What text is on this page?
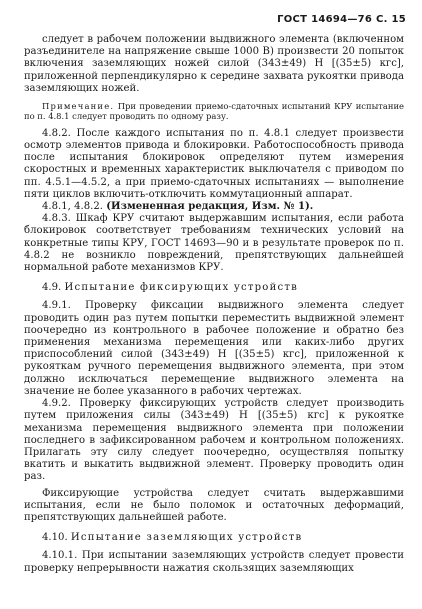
ГОСТ 14694—76 С. 15

следует в рабочем положении выдвижного элемента (включенном разъединителе на напряжение свыше 1000 В) произвести 20 попыток включения заземляющих ножей силой (343±49) Н [(35±5) кгс], приложенной перпендикулярно к середине захвата рукоятки привода заземляющих ножей.

Примечание. При проведении приемо-сдаточных испытаний КРУ испытание по п. 4.8.1 следует проводить по одному разу.

4.8.2. После каждого испытания по п. 4.8.1 следует произвести осмотр элементов привода и блокировки. Работоспособность привода после испытания блокировок определяют путем измерения скоростных и временных характеристик выключателя с приводом по пп. 4.5.1—4.5.2, а при приемо-сдаточных испытаниях — выполнение пяти циклов включить-отключить коммутационный аппарат.

4.8.1, 4.8.2. (Измененная редакция, Изм. № 1).

4.8.3. Шкаф КРУ считают выдержавшим испытания, если работа блокировок соответствует требованиям технических условий на конкретные типы КРУ, ГОСТ 14693—90 и в результате проверок по п. 4.8.2 не возникло повреждений, препятствующих дальнейшей нормальной работе механизмов КРУ.

4.9. Испытание фиксирующих устройств

4.9.1. Проверку фиксации выдвижного элемента следует проводить один раз путем попытки переместить выдвижной элемент поочередно из контрольного в рабочее положение и обратно без применения механизма перемещения или каких-либо других приспособлений силой (343±49) Н [(35±5) кгс], приложенной к рукояткам ручного перемещения выдвижного элемента, при этом должно исключаться перемещение выдвижного элемента на значение не более указанного в рабочих чертежах.

4.9.2. Проверку фиксирующих устройств следует производить путем приложения силы (343±49) Н [(35±5) кгс] к рукоятке механизма перемещения выдвижного элемента при положении последнего в зафиксированном рабочем и контрольном положениях. Прилагать эту силу следует поочередно, осуществляя попытку вкатить и выкатить выдвижной элемент. Проверку проводить один раз.

Фиксирующие устройства следует считать выдержавшими испытания, если не было поломок и остаточных деформаций, препятствующих дальнейшей работе.

4.10. Испытание заземляющих устройств

4.10.1. При испытании заземляющих устройств следует провести проверку непрерывности нажатия скользящих заземляющих
